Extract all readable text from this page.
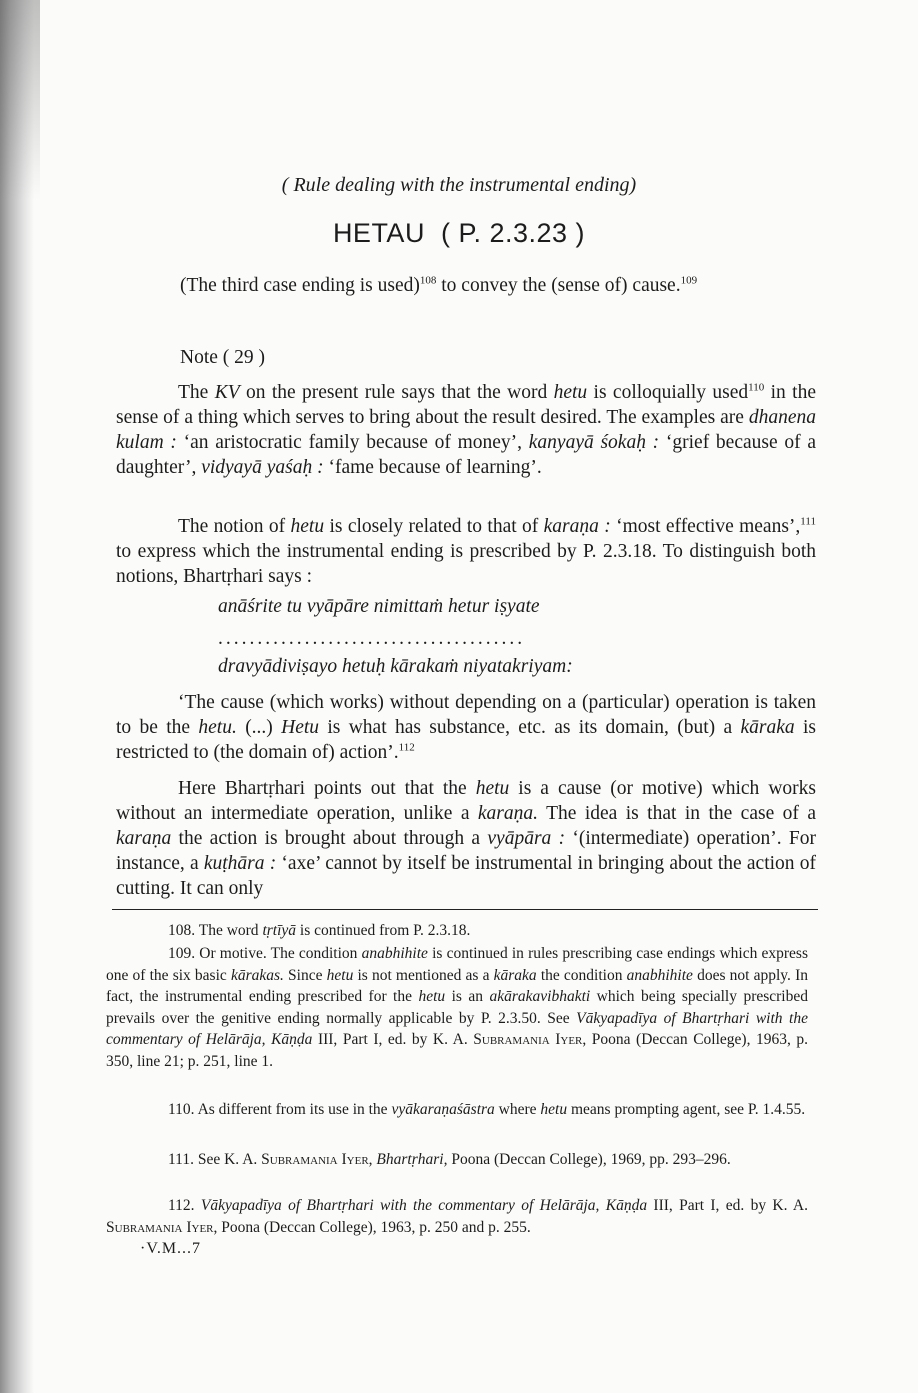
( Rule dealing with the instrumental ending)
HETAU ( P. 2.3.23 )
(The third case ending is used)$^{108}$ to convey the (sense of) cause.$^{109}$
Note ( 29 )

The KV on the present rule says that the word hetu is colloquially used$^{110}$ in the sense of a thing which serves to bring about the result desired. The examples are dhanena kulam : ‘an aristocratic family because of money’, kanyayā śokaḥ : ‘grief because of a daughter’, vidyayā yaśaḥ : ‘fame because of learning’.

The notion of hetu is closely related to that of karaṇa : ‘most effective means’,$^{111}$ to express which the instrumental ending is prescribed by P. 2.3.18. To distinguish both notions, Bhartṛhari says :

anāśrite tu vyāpāre nimittaṁ hetur iṣyate
.......................................
dravyādiviṣayo hetuḥ kārakaṁ niyatakriyam:

‘The cause (which works) without depending on a (particular) operation is taken to be the hetu. (...) Hetu is what has substance, etc. as its domain, (but) a kāraka is restricted to (the domain of) action’.$^{112}$

Here Bhartṛhari points out that the hetu is a cause (or motive) which works without an intermediate operation, unlike a karaṇa. The idea is that in the case of a karaṇa the action is brought about through a vyāpāra : ‘(intermediate) operation’. For instance, a kuṭhāra : ‘axe’ cannot by itself be instrumental in bringing about the action of cutting. It can only

108. The word tṛtīyā is continued from P. 2.3.18.

109. Or motive. The condition anabhihite is continued in rules prescribing case endings which express one of the six basic kārakas. Since hetu is not mentioned as a kāraka the condition anabhihite does not apply. In fact, the instrumental ending prescribed for the hetu is an akārakavibhakti which being specially prescribed prevails over the genitive ending normally applicable by P. 2.3.50. See Vākyapadīya of Bhartṛhari with the commentary of Helārāja, Kāṇḍa III, Part I, ed. by K. A. Subramania Iyer, Poona (Deccan College), 1963, p. 350, line 21; p. 251, line 1.

110. As different from its use in the vyākaraṇaśāstra where hetu means prompting agent, see P. 1.4.55.

111. See K. A. Subramania Iyer, Bhartṛhari, Poona (Deccan College), 1969, pp. 293–296.

112. Vākyapadīya of Bhartṛhari with the commentary of Helārāja, Kāṇḍa III, Part I, ed. by K. A. Subramania Iyer, Poona (Deccan College), 1963, p. 250 and p. 255.

·V.M...7
